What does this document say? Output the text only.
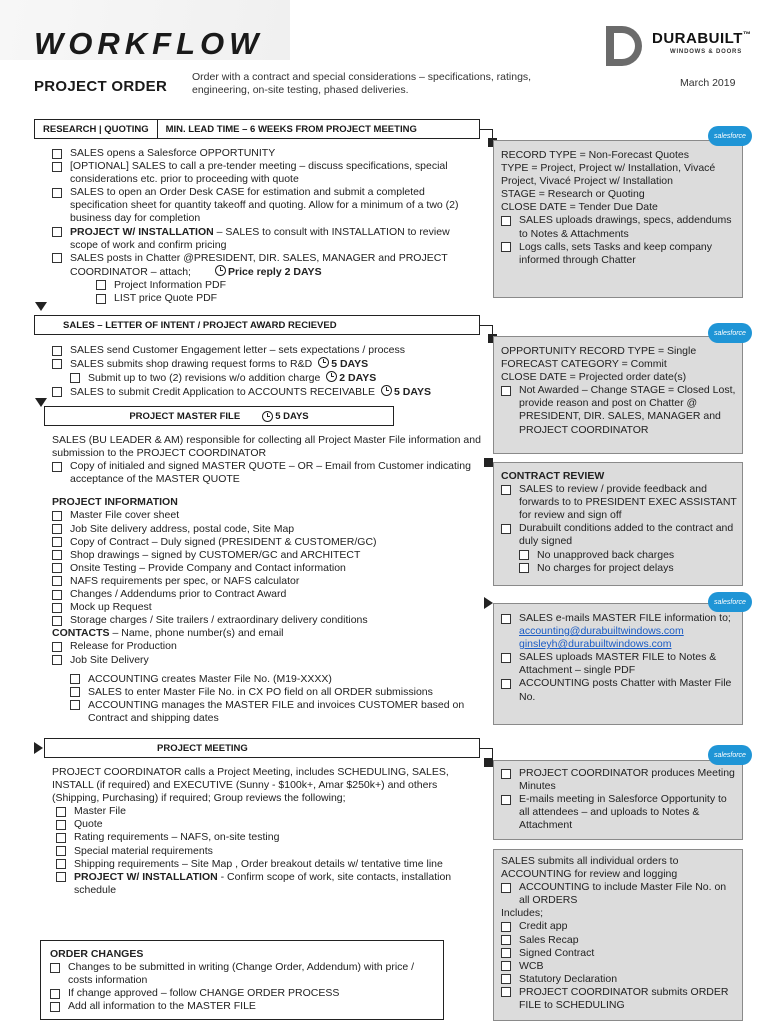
WORKFLOW
PROJECT ORDER
Order with a contract and special considerations – specifications, ratings, engineering, on-site testing, phased deliveries.
March 2019
DURABUILT™
WINDOWS & DOORS
RESEARCH | QUOTING	MIN. LEAD TIME – 6 WEEKS FROM PROJECT MEETING
SALES opens a Salesforce OPPORTUNITY
[OPTIONAL] SALES to call a pre-tender meeting – discuss specifications, special considerations etc. prior to proceeding with quote
SALES to open an Order Desk CASE for estimation and submit a completed specification sheet for quantity takeoff and quoting. Allow for a minimum of a two (2) business day for completion
PROJECT W/ INSTALLATION – SALES to consult with INSTALLATION to review scope of work and confirm pricing
SALES posts in Chatter @PRESIDENT, DIR. SALES, MANAGER and PROJECT COORDINATOR – attach;	Price reply 2 DAYS
Project Information PDF
LIST price Quote PDF
salesforce
RECORD TYPE = Non-Forecast Quotes
TYPE = Project, Project w/ Installation, Vivacé Project, Vivacé Project w/ Installation
STAGE = Research or Quoting
CLOSE DATE = Tender Due Date
SALES uploads drawings, specs, addendums to Notes & Attachments
Logs calls, sets Tasks and keep company informed through Chatter
SALES – LETTER OF INTENT / PROJECT AWARD RECIEVED
SALES send Customer Engagement letter – sets expectations / process
SALES submits shop drawing request forms to R&D 5 DAYS
Submit up to two (2) revisions w/o addition charge 2 DAYS
SALES to submit Credit Application to ACCOUNTS RECEIVABLE 5 DAYS
salesforce
OPPORTUNITY RECORD TYPE = Single
FORECAST CATEGORY = Commit
CLOSE DATE = Projected order date(s)
Not Awarded – Change STAGE = Closed Lost, provide reason and post on Chatter @ PRESIDENT, DIR. SALES, MANAGER and PROJECT COORDINATOR
PROJECT MASTER FILE	5 DAYS
SALES (BU LEADER & AM) responsible for collecting all Project Master File information and submission to the PROJECT COORDINATOR
Copy of initialed and signed MASTER QUOTE – OR – Email from Customer indicating acceptance of the MASTER QUOTE
PROJECT INFORMATION
Master File cover sheet
Job Site delivery address, postal code, Site Map
Copy of Contract – Duly signed (PRESIDENT & CUSTOMER/GC)
Shop drawings – signed by CUSTOMER/GC and ARCHITECT
Onsite Testing – Provide Company and Contact information
NAFS requirements per spec, or NAFS calculator
Changes / Addendums prior to Contract Award
Mock up Request
Storage charges / Site trailers / extraordinary delivery conditions
CONTACTS – Name, phone number(s) and email
Release for Production
Job Site Delivery
ACCOUNTING creates Master File No. (M19-XXXX)
SALES to enter Master File No. in CX PO field on all ORDER submissions
ACCOUNTING manages the MASTER FILE and invoices CUSTOMER based on Contract and shipping dates
CONTRACT REVIEW
SALES to review / provide feedback and forwards to to PRESIDENT EXEC ASSISTANT for review and sign off
Durabuilt conditions added to the contract and duly signed
No unapproved back charges
No charges for project delays
salesforce
SALES e-mails MASTER FILE information to;
accounting@durabuiltwindows.com
ginsleyh@durabuiltwindows.com
SALES uploads MASTER FILE to Notes & Attachment – single PDF
ACCOUNTING posts Chatter with Master File No.
PROJECT MEETING
PROJECT COORDINATOR calls a Project Meeting, includes SCHEDULING, SALES, INSTALL (if required) and EXECUTIVE (Sunny - $100k+, Amar $250k+) and others (Shipping, Purchasing) if required; Group reviews the following;
Master File
Quote
Rating requirements – NAFS, on-site testing
Special material requirements
Shipping requirements – Site Map , Order breakout details w/ tentative time line
PROJECT W/ INSTALLATION - Confirm scope of work, site contacts, installation schedule
salesforce
PROJECT COORDINATOR produces Meeting Minutes
E-mails meeting in Salesforce Opportunity to all attendees – and uploads to Notes & Attachment
SALES submits all individual orders to ACCOUNTING for review and logging
ACCOUNTING to include Master File No. on all ORDERS
Includes;
Credit app
Sales Recap
Signed Contract
WCB
Statutory Declaration
PROJECT COORDINATOR submits ORDER FILE to SCHEDULING
ORDER CHANGES
Changes to be submitted in writing (Change Order, Addendum) with price / costs information
If change approved – follow CHANGE ORDER PROCESS
Add all information to the MASTER FILE
